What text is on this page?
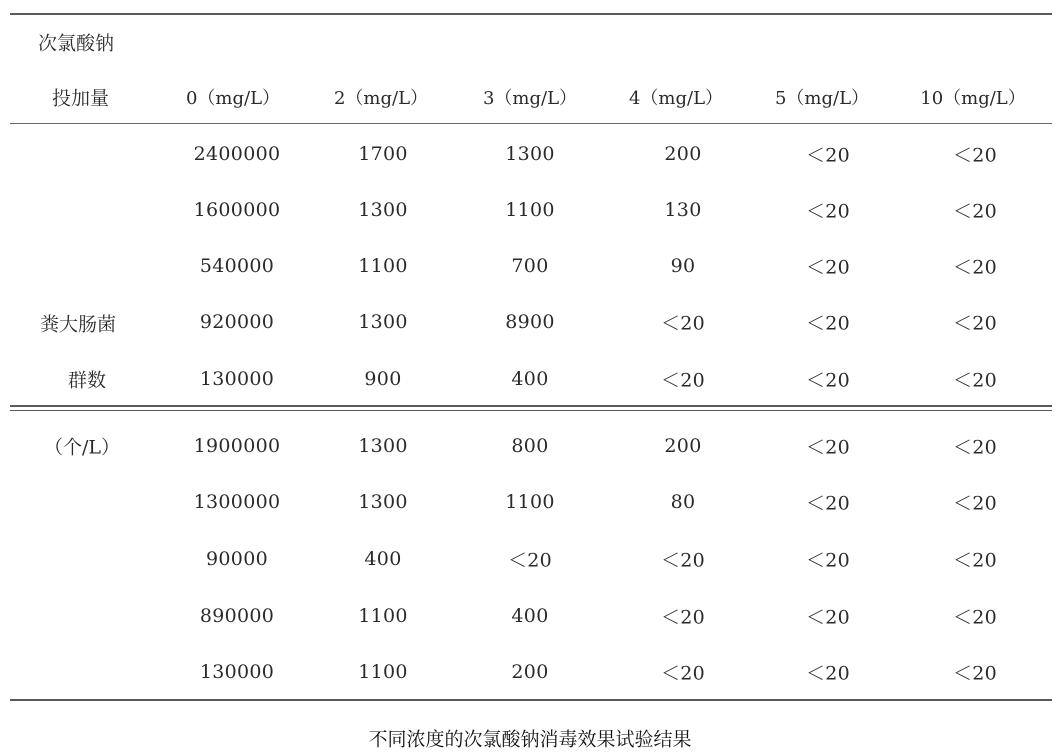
次氯酸钠
投加量	0（mg/L）	2（mg/L）	3（mg/L）	4（mg/L）	5（mg/L）	10（mg/L）
粪大肠菌
群数
（个/L）
2400000	1700	1300	200	＜20	＜20
1600000	1300	1100	130	＜20	＜20
540000	1100	700	90	＜20	＜20
920000	1300	8900	＜20	＜20	＜20
130000	900	400	＜20	＜20	＜20
1900000	1300	800	200	＜20	＜20
1300000	1300	1100	80	＜20	＜20
90000	400	＜20	＜20	＜20	＜20
890000	1100	400	＜20	＜20	＜20
130000	1100	200	＜20	＜20	＜20
不同浓度的次氯酸钠消毒效果试验结果
